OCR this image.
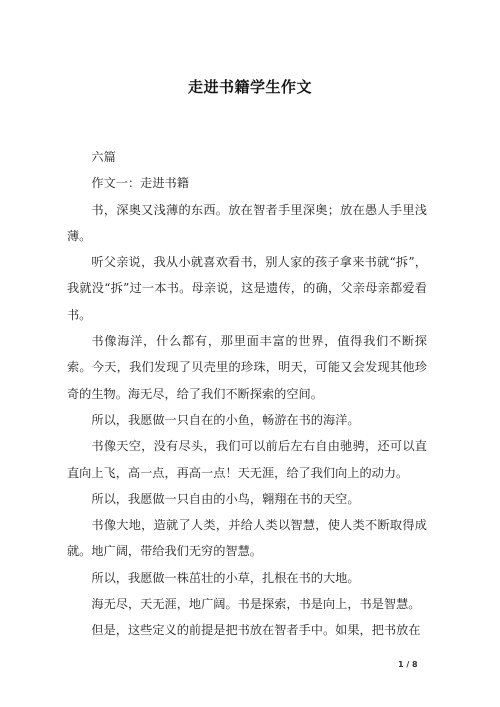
走进书籍学生作文

六篇

作文一：走进书籍

书，深奥又浅薄的东西。放在智者手里深奥；放在愚人手里浅薄。

听父亲说，我从小就喜欢看书，别人家的孩子拿来书就“拆”，我就没“拆”过一本书。母亲说，这是遗传，的确，父亲母亲都爱看书。

书像海洋，什么都有，那里面丰富的世界，值得我们不断探索。今天，我们发现了贝壳里的珍珠，明天，可能又会发现其他珍奇的生物。海无尽，给了我们不断探索的空间。

所以，我愿做一只自在的小鱼，畅游在书的海洋。

书像天空，没有尽头，我们可以前后左右自由驰骋，还可以直直向上飞，高一点，再高一点！天无涯，给了我们向上的动力。

所以，我愿做一只自由的小鸟，翱翔在书的天空。

书像大地，造就了人类，并给人类以智慧，使人类不断取得成就。地广阔，带给我们无穷的智慧。

所以，我愿做一株茁壮的小草，扎根在书的大地。

海无尽，天无涯，地广阔。书是探索，书是向上，书是智慧。

但是，这些定义的前提是把书放在智者手中。如果，把书放在

1 / 8
